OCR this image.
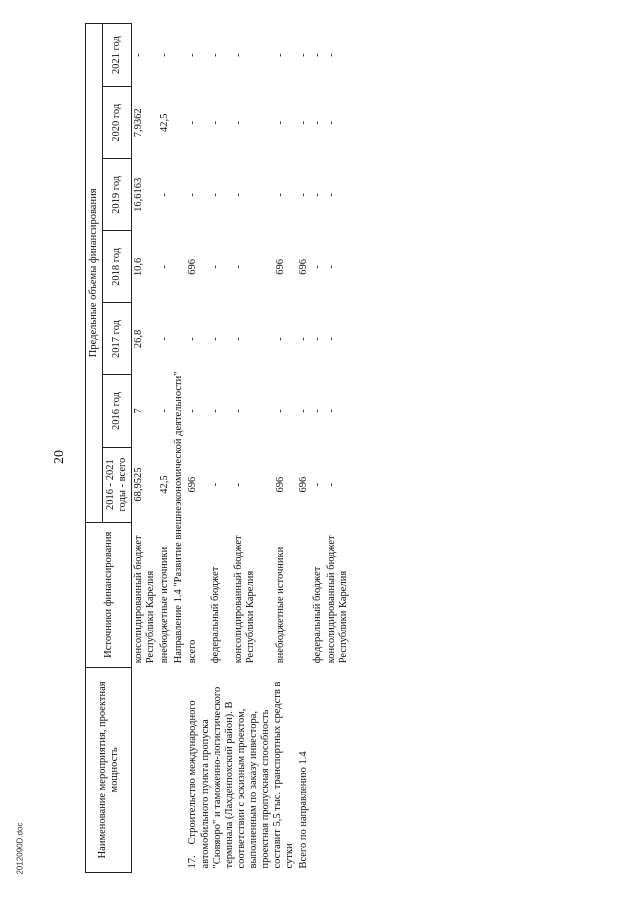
20
2012090D.doc	Наименование мероприятия, проектная мощность	Источники финансирования	Предельные объемы финансирования						
		2016 - 2021 годы - всего	2016 год	2017 год	2018 год	2019 год	2020 год	2021 год
	консолидированный бюджет Республики Карелия	68,9525	7	26,8	10,6	16,6163	7,9362	-
	внебюджетные источники	42,5	-	-	-	-	42,5	-
	Направление 1.4 "Развитие внешнеэкономической деятельности"							
17.Строительство международного автомобильного пункта пропуска "Сювяоро" и таможенно-логистического терминала (Лахденпохский район). В соответствии с эскизным проектом, выполненным по заказу инвестора, проектная пропускная способность составит 5,5 тыс. транспортных средств в сутки	всего	696	-	-	696	-	-	-
	федеральный бюджет	-	-	-	-	-	-	-
	консолидированный бюджет Республики Карелия	-	-	-	-	-	-	-
	внебюджетные источники	696	-	-	696	-	-	-
Всего по направлению 1.4		696	-	-	696	-	-	-
	федеральный бюджет	-	-	-	-	-	-	-
	консолидированный бюджет Республики Карелия	-	-	-	-	-	-	-
